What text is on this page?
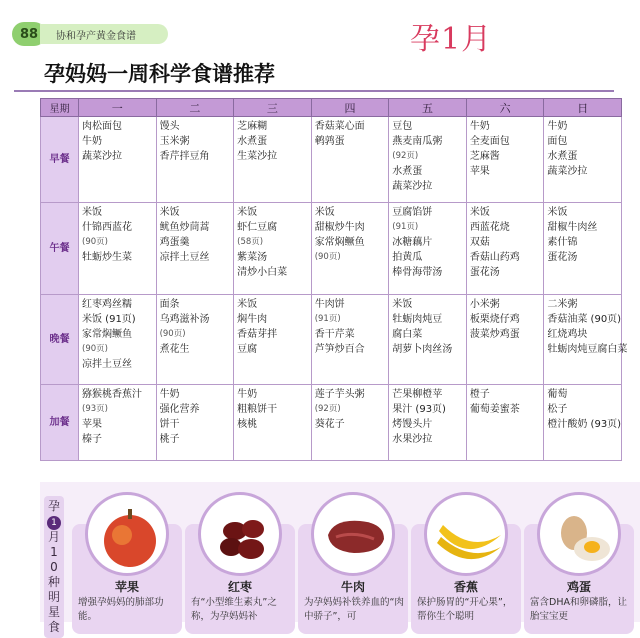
88	协和孕产黄金食谱	孕1月
孕妈妈一周科学食谱推荐
星期	一	二	三	四	五	六	日
早餐	肉松面包
牛奶
蔬菜沙拉	馒头
玉米粥
香芹拌豆角	芝麻糊
水煮蛋
生菜沙拉	香菇菜心面
鹌鹑蛋	豆包
燕麦南瓜粥
(92页)
水煮蛋
蔬菜沙拉	牛奶
全麦面包
芝麻酱
苹果	牛奶
面包
水煮蛋
蔬菜沙拉

午餐	米饭
什锦西蓝花
(90页)
牡蛎炒生菜	米饭
鱿鱼炒茼蒿
鸡蛋羹
凉拌土豆丝	米饭
虾仁豆腐
(58页)
紫菜汤
清炒小白菜	米饭
甜椒炒牛肉
家常焖鳜鱼
(90页)	豆腐馅饼
(91页)
冰糖藕片
拍黄瓜
棒骨海带汤	米饭
西蓝花烧
双菇
香菇山药鸡
蛋花汤	米饭
甜椒牛肉丝
素什锦
蛋花汤

晚餐	红枣鸡丝糯
米饭 (91页)
家常焖鳜鱼
(90页)
凉拌土豆丝	面条
乌鸡滋补汤
(90页)
煮花生	米饭
焖牛肉
香菇芽拌
豆腐	牛肉饼
(91页)
香干芹菜
芦笋炒百合	米饭
牡蛎肉炖豆
腐白菜
胡萝卜肉丝汤	小米粥
板栗烧仔鸡
菠菜炒鸡蛋	二米粥
香菇油菜 (90页)
红烧鸡块
牡蛎肉炖豆腐白菜

加餐	猕猴桃香蕉汁
(93页)
苹果
榛子	牛奶
强化营养
饼干
桃子	牛奶
粗粮饼干
核桃	莲子芋头粥
(92页)
葵花子	芒果柳橙苹
果汁 (93页)
烤馒头片
水果沙拉	橙子
葡萄姜蜜茶	葡萄
松子
橙汁酸奶 (93页)
孕
1
月10种明星食
苹果
增强孕妈妈的肺部功能。
红枣
有“小型维生素丸”之称，为孕妈妈补
牛肉
为孕妈妈补铁养血的“肉中骄子”，可
香蕉
保护肠胃的“开心果”，帮你生个聪明
鸡蛋
富含DHA和卵磷脂，让胎宝宝更
